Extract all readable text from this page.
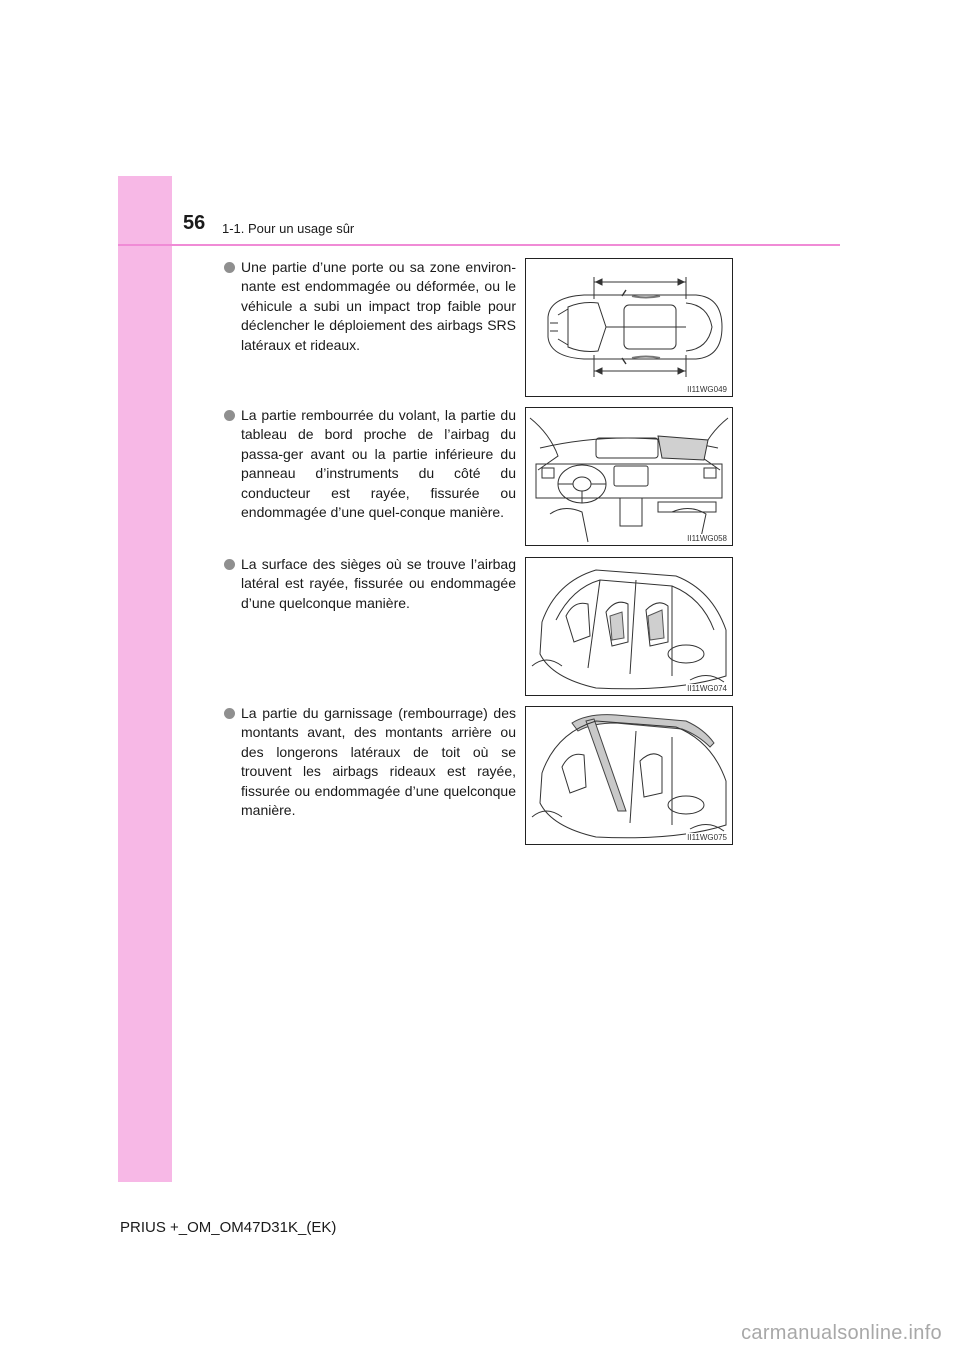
56 1-1. Pour un usage sûr

Une partie d’une porte ou sa zone environ-nante est endommagée ou déformée, ou le véhicule a subi un impact trop faible pour déclencher le déploiement des airbags SRS latéraux et rideaux.

II11WG049

La partie rembourrée du volant, la partie du tableau de bord proche de l’airbag du passa-ger avant ou la partie inférieure du panneau d’instruments du côté du conducteur est rayée, fissurée ou endommagée d’une quel-conque manière.

II11WG058

La surface des sièges où se trouve l’airbag latéral est rayée, fissurée ou endommagée d’une quelconque manière.

II11WG074

La partie du garnissage (rembourrage) des montants avant, des montants arrière ou des longerons latéraux de toit où se trouvent les airbags rideaux est rayée, fissurée ou endommagée d’une quelconque manière.

II11WG075
PRIUS +_OM_OM47D31K_(EK)
carmanualsonline.info
